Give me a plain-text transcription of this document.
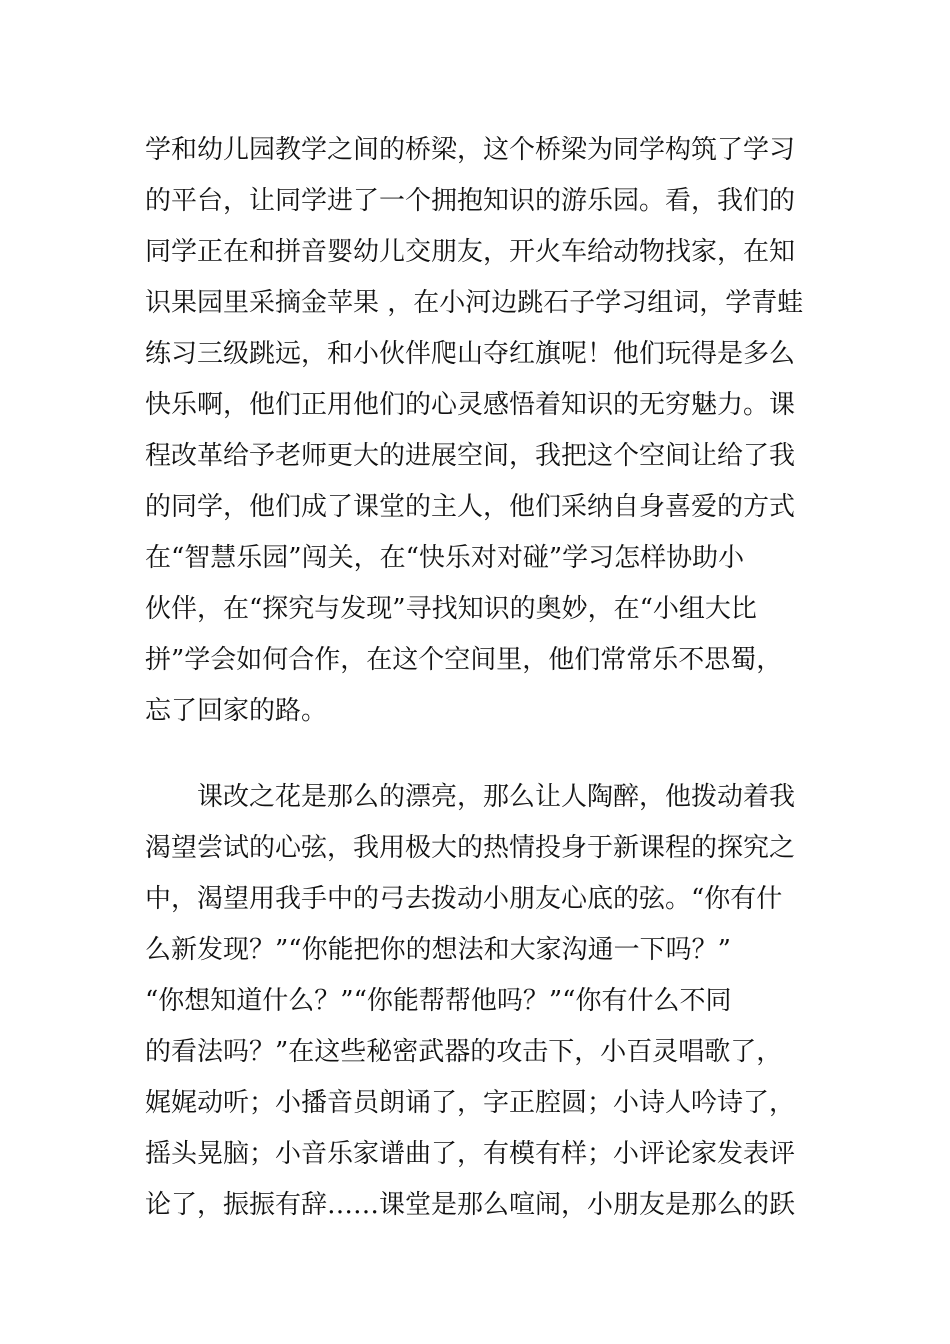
学和幼儿园教学之间的桥梁，这个桥梁为同学构筑了学习
的平台，让同学进了一个拥抱知识的游乐园。看，我们的
同学正在和拼音婴幼儿交朋友，开火车给动物找家，在知
识果园里采摘金苹果 ，在小河边跳石子学习组词，学青蛙
练习三级跳远，和小伙伴爬山夺红旗呢！他们玩得是多么
快乐啊，他们正用他们的心灵感悟着知识的无穷魅力。课
程改革给予老师更大的进展空间，我把这个空间让给了我
的同学，他们成了课堂的主人，他们采纳自身喜爱的方式
在“智慧乐园”闯关，在“快乐对对碰”学习怎样协助小
伙伴，在“探究与发现”寻找知识的奥妙，在“小组大比
拼”学会如何合作，在这个空间里，他们常常乐不思蜀，
忘了回家的路。
　　课改之花是那么的漂亮，那么让人陶醉，他拨动着我
渴望尝试的心弦，我用极大的热情投身于新课程的探究之
中，渴望用我手中的弓去拨动小朋友心底的弦。“你有什
么新发现？”“你能把你的想法和大家沟通一下吗？”
“你想知道什么？”“你能帮帮他吗？”“你有什么不同
的看法吗？”在这些秘密武器的攻击下，小百灵唱歌了，
娓娓动听；小播音员朗诵了，字正腔圆；小诗人吟诗了，
摇头晃脑；小音乐家谱曲了，有模有样；小评论家发表评
论了，振振有辞……课堂是那么喧闹，小朋友是那么的跃
